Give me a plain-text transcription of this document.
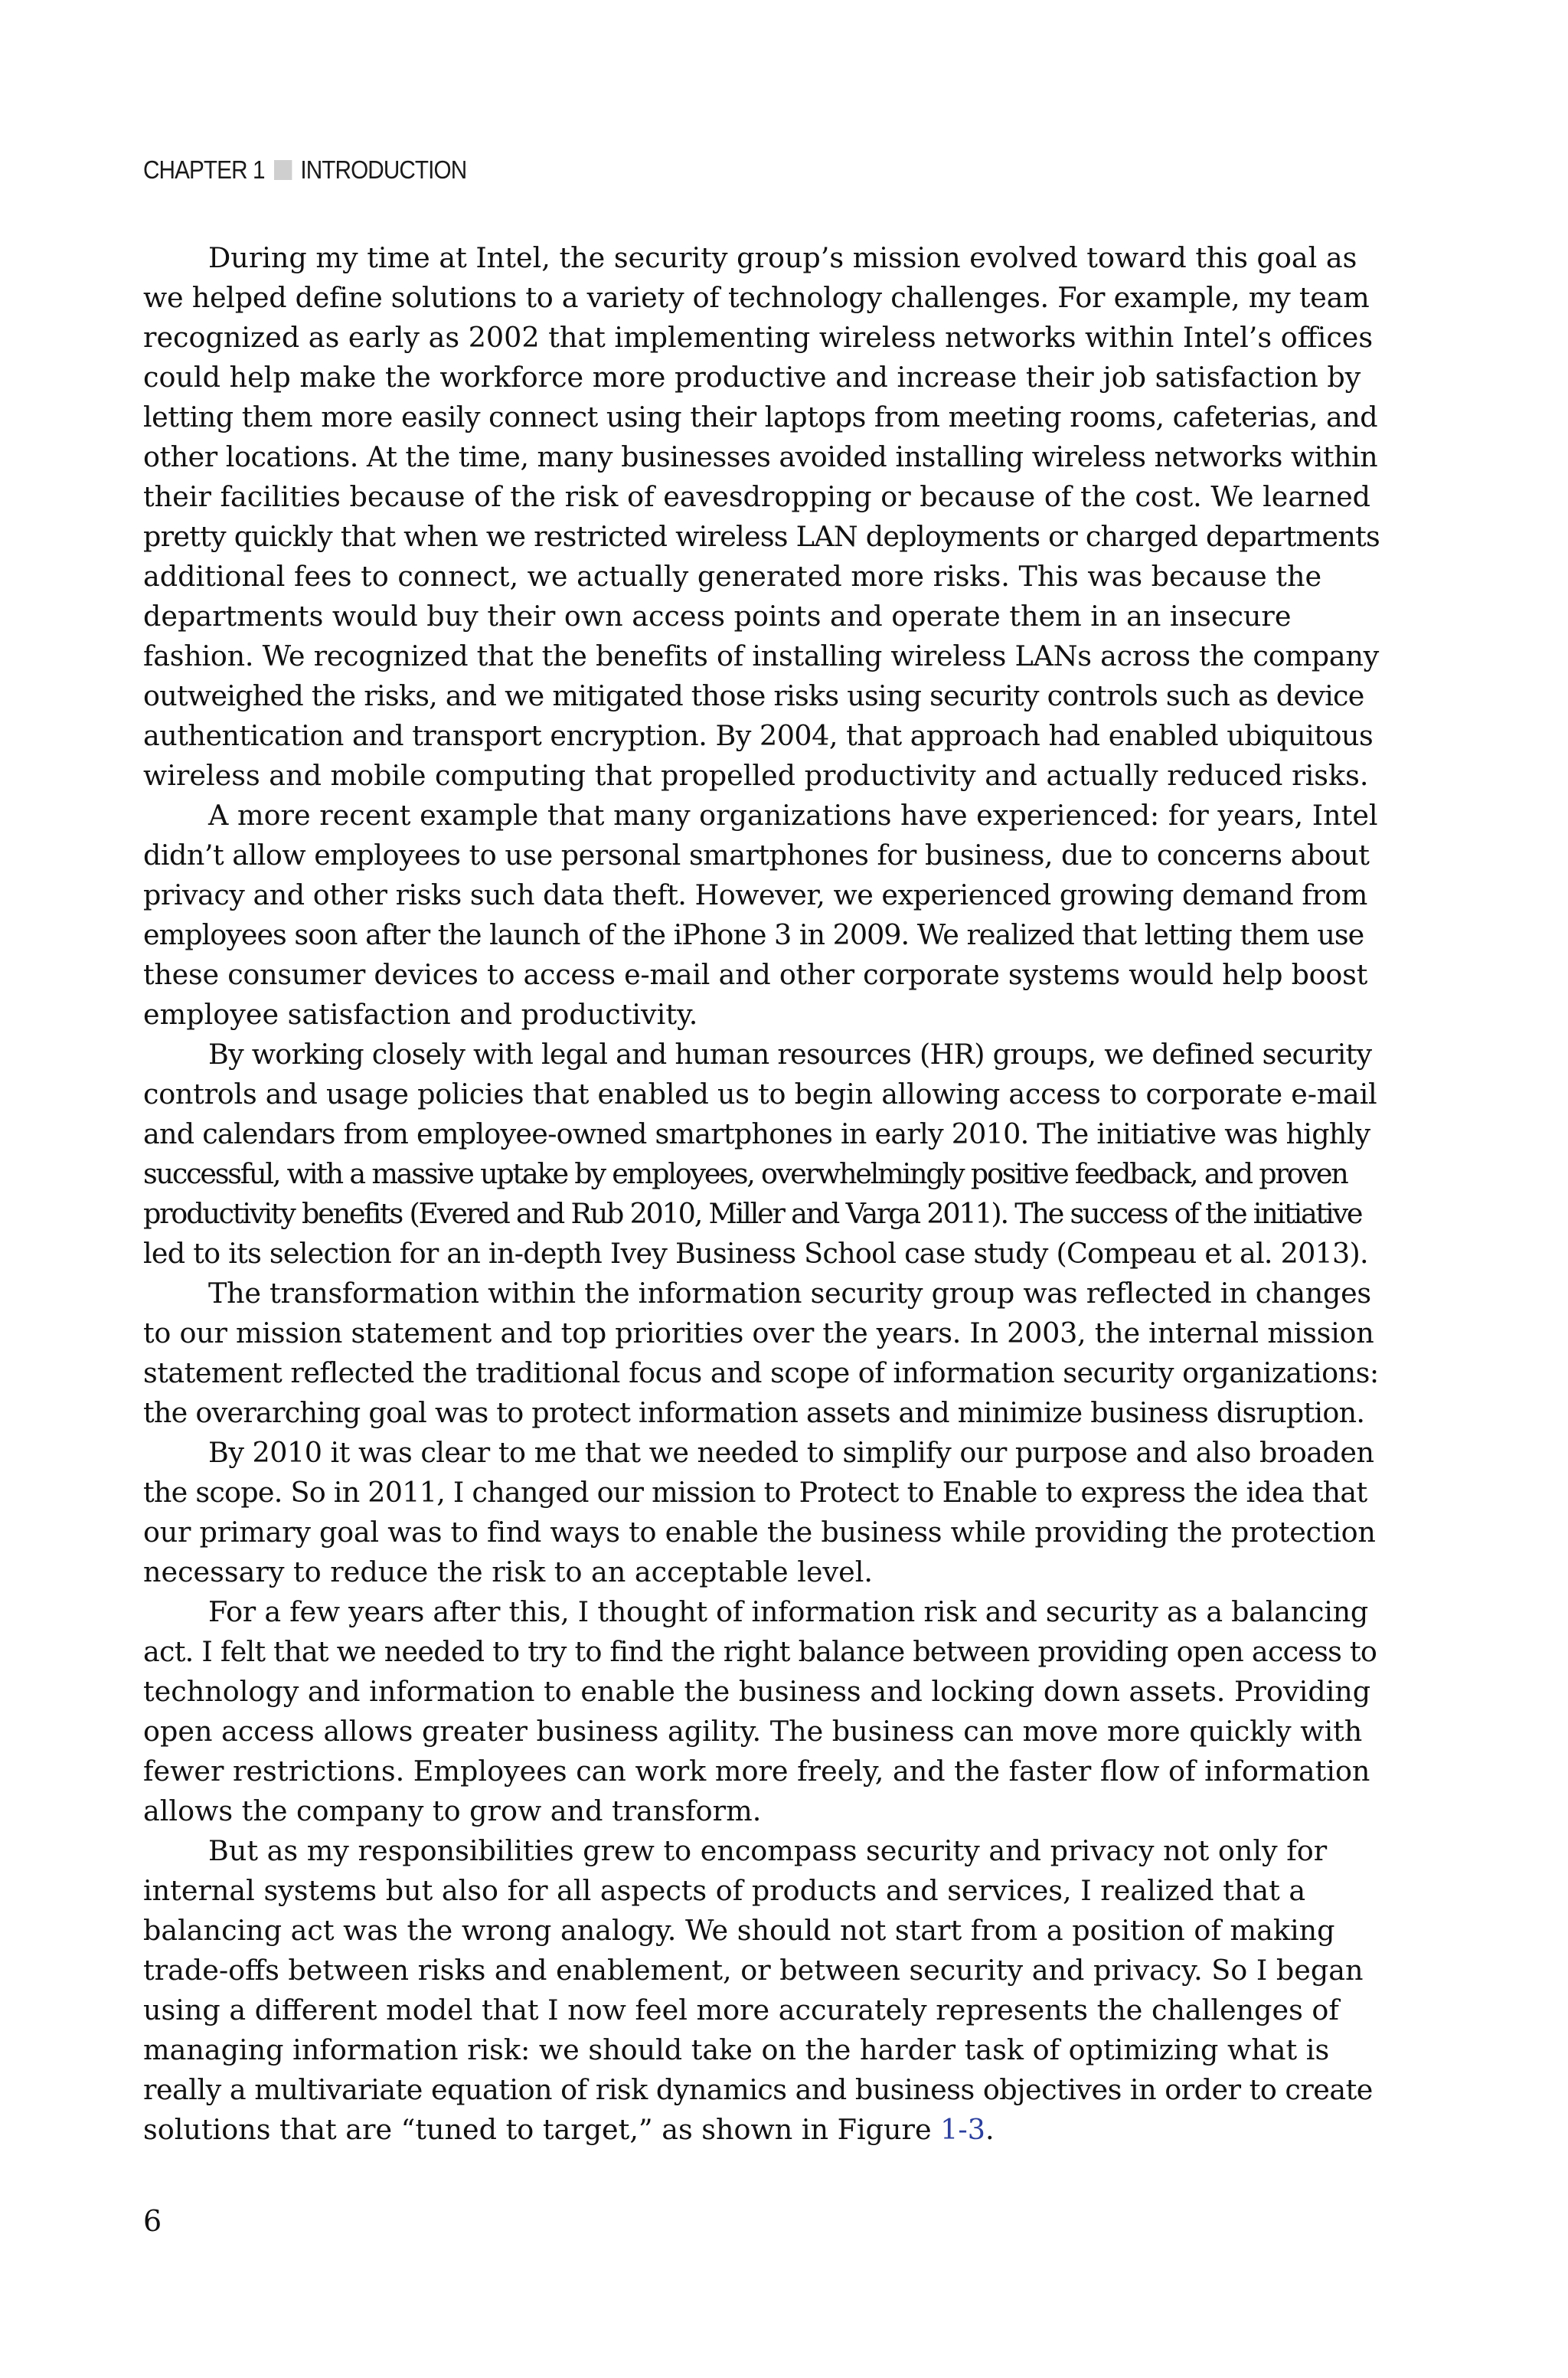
CHAPTER 1 INTRODUCTION
During my time at Intel, the security group’s mission evolved toward this goal as
we helped define solutions to a variety of technology challenges. For example, my team
recognized as early as 2002 that implementing wireless networks within Intel’s offices
could help make the workforce more productive and increase their job satisfaction by
letting them more easily connect using their laptops from meeting rooms, cafeterias, and
other locations. At the time, many businesses avoided installing wireless networks within
their facilities because of the risk of eavesdropping or because of the cost. We learned
pretty quickly that when we restricted wireless LAN deployments or charged departments
additional fees to connect, we actually generated more risks. This was because the
departments would buy their own access points and operate them in an insecure
fashion. We recognized that the benefits of installing wireless LANs across the company
outweighed the risks, and we mitigated those risks using security controls such as device
authentication and transport encryption. By 2004, that approach had enabled ubiquitous
wireless and mobile computing that propelled productivity and actually reduced risks.
A more recent example that many organizations have experienced: for years, Intel
didn’t allow employees to use personal smartphones for business, due to concerns about
privacy and other risks such data theft. However, we experienced growing demand from
employees soon after the launch of the iPhone 3 in 2009. We realized that letting them use
these consumer devices to access e-mail and other corporate systems would help boost
employee satisfaction and productivity.
By working closely with legal and human resources (HR) groups, we defined security
controls and usage policies that enabled us to begin allowing access to corporate e-mail
and calendars from employee-owned smartphones in early 2010. The initiative was highly
successful, with a massive uptake by employees, overwhelmingly positive feedback, and proven
productivity benefits (Evered and Rub 2010, Miller and Varga 2011). The success of the initiative
led to its selection for an in-depth Ivey Business School case study (Compeau et al. 2013).
The transformation within the information security group was reflected in changes
to our mission statement and top priorities over the years. In 2003, the internal mission
statement reflected the traditional focus and scope of information security organizations:
the overarching goal was to protect information assets and minimize business disruption.
By 2010 it was clear to me that we needed to simplify our purpose and also broaden
the scope. So in 2011, I changed our mission to Protect to Enable to express the idea that
our primary goal was to find ways to enable the business while providing the protection
necessary to reduce the risk to an acceptable level.
For a few years after this, I thought of information risk and security as a balancing
act. I felt that we needed to try to find the right balance between providing open access to
technology and information to enable the business and locking down assets. Providing
open access allows greater business agility. The business can move more quickly with
fewer restrictions. Employees can work more freely, and the faster flow of information
allows the company to grow and transform.
But as my responsibilities grew to encompass security and privacy not only for
internal systems but also for all aspects of products and services, I realized that a
balancing act was the wrong analogy. We should not start from a position of making
trade-offs between risks and enablement, or between security and privacy. So I began
using a different model that I now feel more accurately represents the challenges of
managing information risk: we should take on the harder task of optimizing what is
really a multivariate equation of risk dynamics and business objectives in order to create
solutions that are “tuned to target,” as shown in Figure 1-3.
6
